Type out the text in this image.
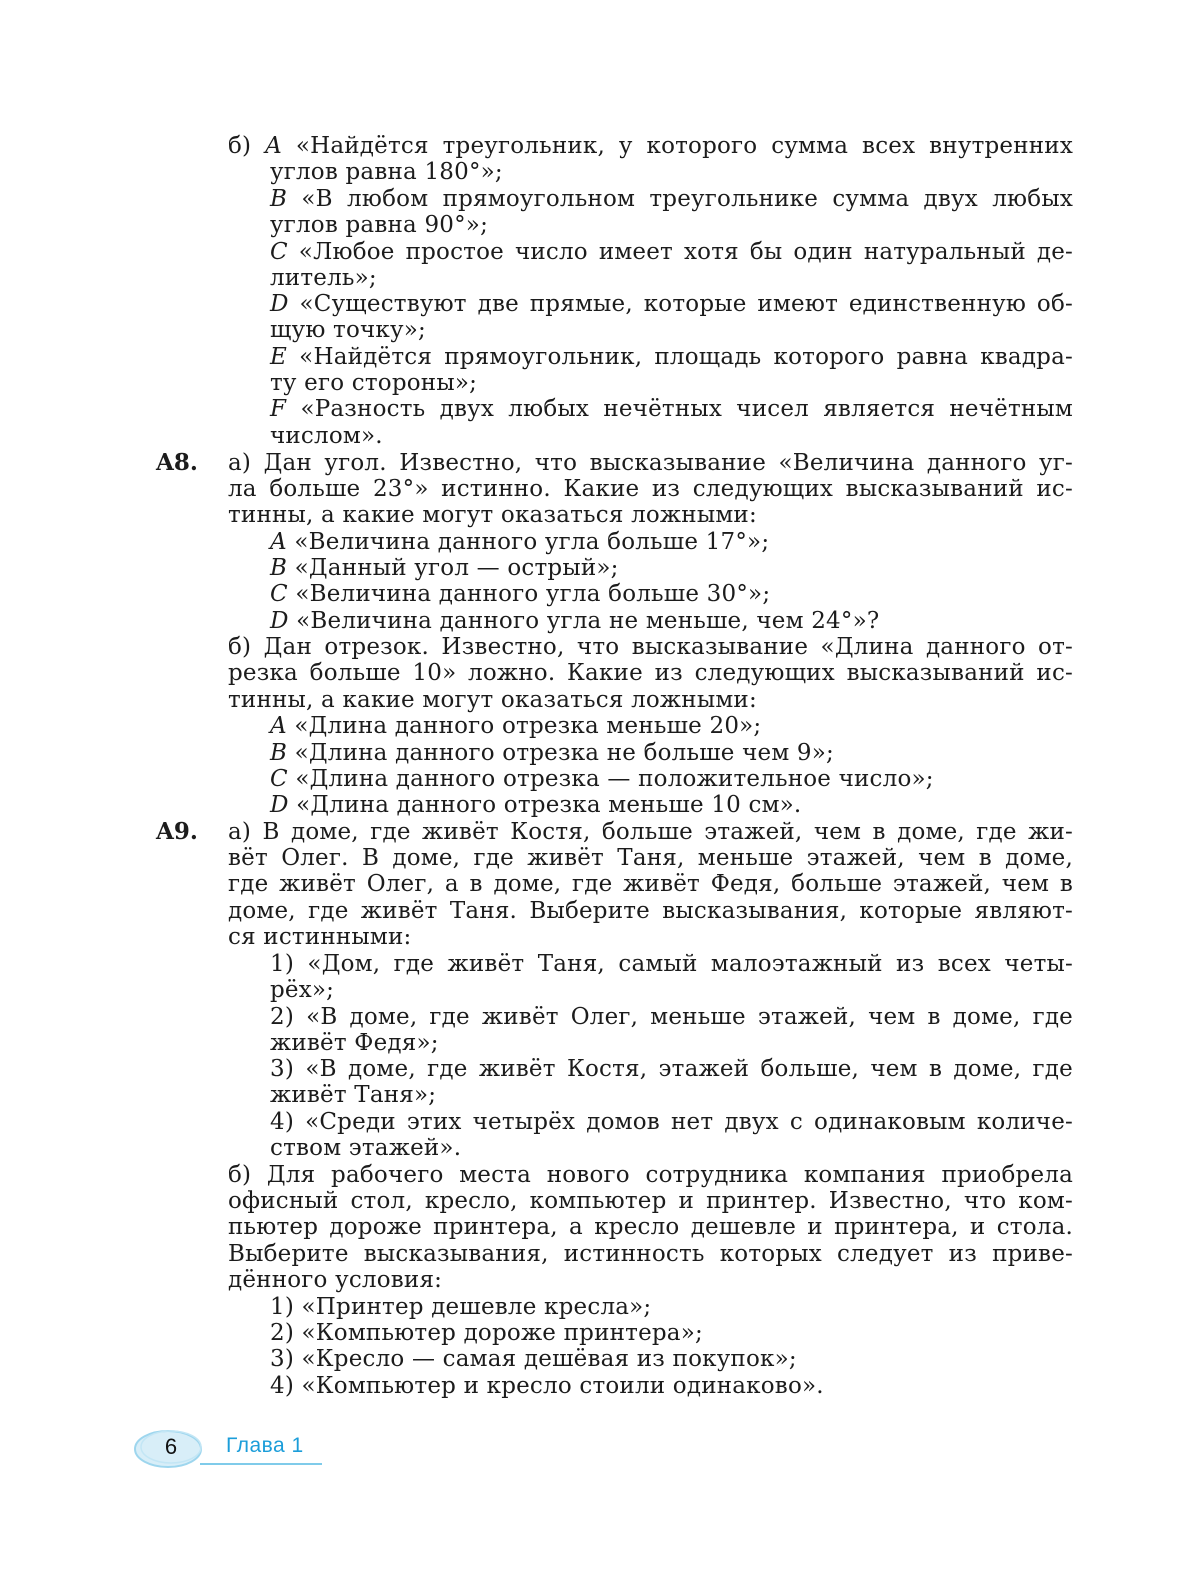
б) A «Найдётся треугольник, у которого сумма всех внутренних
углов равна 180°»;
B «В любом прямоугольном треугольнике сумма двух любых
углов равна 90°»;
C «Любое простое число имеет хотя бы один натуральный де-
литель»;
D «Существуют две прямые, которые имеют единственную об-
щую точку»;
E «Найдётся прямоугольник, площадь которого равна квадра-
ту его стороны»;
F «Разность двух любых нечётных чисел является нечётным
числом».
а) Дан угол. Известно, что высказывание «Величина данного уг-
ла больше 23°» истинно. Какие из следующих высказываний ис-
тинны, а какие могут оказаться ложными:
A «Величина данного угла больше 17°»;
B «Данный угол — острый»;
C «Величина данного угла больше 30°»;
D «Величина данного угла не меньше, чем 24°»?
б) Дан отрезок. Известно, что высказывание «Длина данного от-
резка больше 10» ложно. Какие из следующих высказываний ис-
тинны, а какие могут оказаться ложными:
A «Длина данного отрезка меньше 20»;
B «Длина данного отрезка не больше чем 9»;
C «Длина данного отрезка — положительное число»;
D «Длина данного отрезка меньше 10 см».
а) В доме, где живёт Костя, больше этажей, чем в доме, где жи-
вёт Олег. В доме, где живёт Таня, меньше этажей, чем в доме,
где живёт Олег, а в доме, где живёт Федя, больше этажей, чем в
доме, где живёт Таня. Выберите высказывания, которые являют-
ся истинными:
1) «Дом, где живёт Таня, самый малоэтажный из всех четы-
рёх»;
2) «В доме, где живёт Олег, меньше этажей, чем в доме, где
живёт Федя»;
3) «В доме, где живёт Костя, этажей больше, чем в доме, где
живёт Таня»;
4) «Среди этих четырёх домов нет двух с одинаковым количе-
ством этажей».
б) Для рабочего места нового сотрудника компания приобрела
офисный стол, кресло, компьютер и принтер. Известно, что ком-
пьютер дороже принтера, а кресло дешевле и принтера, и стола.
Выберите высказывания, истинность которых следует из приве-
дённого условия:
1) «Принтер дешевле кресла»;
2) «Компьютер дороже принтера»;
3) «Кресло — самая дешёвая из покупок»;
4) «Компьютер и кресло стоили одинаково».
A8.
A9.
6 Глава 1
